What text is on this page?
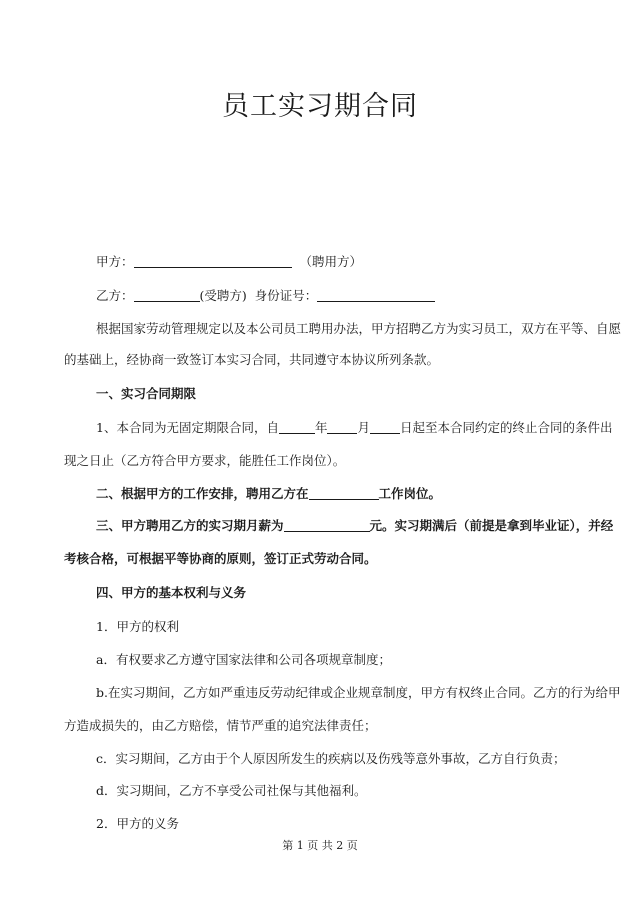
员工实习期合同
甲方：	（聘用方）
乙方：	(受聘方) 身份证号：
根据国家劳动管理规定以及本公司员工聘用办法，甲方招聘乙方为实习员工，双方在平等、自愿
的基础上，经协商一致签订本实习合同，共同遵守本协议所列条款。
一、实习合同期限
1、本合同为无固定期限合同，自	年 月 日起至本合同约定的终止合同的条件出
现之日止（乙方符合甲方要求，能胜任工作岗位）。
二、根据甲方的工作安排，聘用乙方在	工作岗位。
三、甲方聘用乙方的实习期月薪为	元。实习期满后（前提是拿到毕业证），并经
考核合格，可根据平等协商的原则，签订正式劳动合同。
四、甲方的基本权利与义务
1．甲方的权利
a．有权要求乙方遵守国家法律和公司各项规章制度；
b.在实习期间，乙方如严重违反劳动纪律或企业规章制度，甲方有权终止合同。乙方的行为给甲
方造成损失的，由乙方赔偿，情节严重的追究法律责任；
c．实习期间，乙方由于个人原因所发生的疾病以及伤残等意外事故，乙方自行负责；
d．实习期间，乙方不享受公司社保与其他福利。
2．甲方的义务
第 1 页 共 2 页
